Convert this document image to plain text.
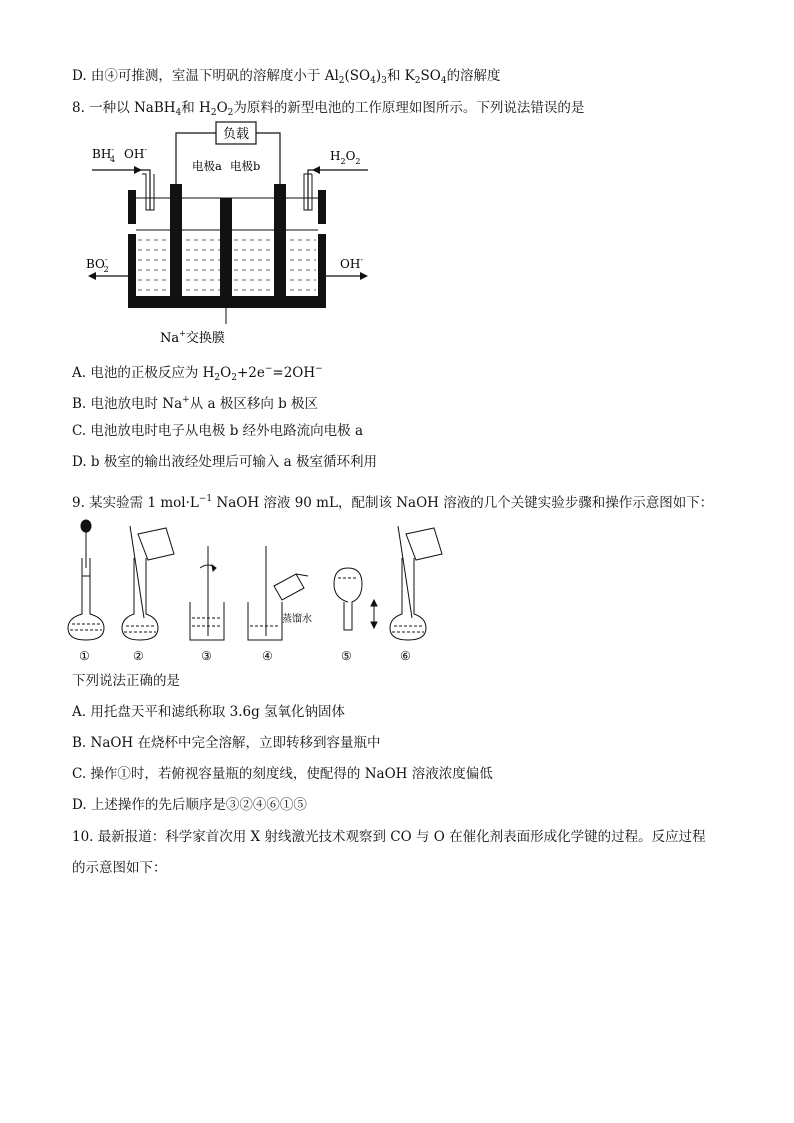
D. 由④可推测，室温下明矾的溶解度小于 $Al_2(SO_4)_3$和 $K_2SO_4$的溶解度
8. 一种以 NaBH$_4$和 $H_2O_2$为原料的新型电池的工作原理如图所示。下列说法错误的是
负载
电极a 电极b
BH-4 OH-	$H_2O_2$
BO-2	OH-
Na+交换膜
A. 电池的正极反应为 $H_2O_2+2e^-=2OH^-$
B. 电池放电时 Na+从 a 极区移向 b 极区
C. 电池放电时电子从电极 b 经外电路流向电极 a
D. b 极室的输出液经处理后可输入 a 极室循环利用
9. 某实验需 1 $mol\cdot L^{-1}$ NaOH 溶液 90 mL，配制该 NaOH 溶液的几个关键实验步骤和操作示意图如下：
蒸馏水
①	②	③	④	⑤	⑥
下列说法正确的是
A. 用托盘天平和滤纸称取 3.6g 氢氧化钠固体
B. NaOH 在烧杯中完全溶解，立即转移到容量瓶中
C. 操作①时，若俯视容量瓶的刻度线，使配得的 NaOH 溶液浓度偏低
D. 上述操作的先后顺序是③②④⑥①⑤
10. 最新报道：科学家首次用 X 射线激光技术观察到 CO 与 O 在催化剂表面形成化学键的过程。反应过程
的示意图如下：
